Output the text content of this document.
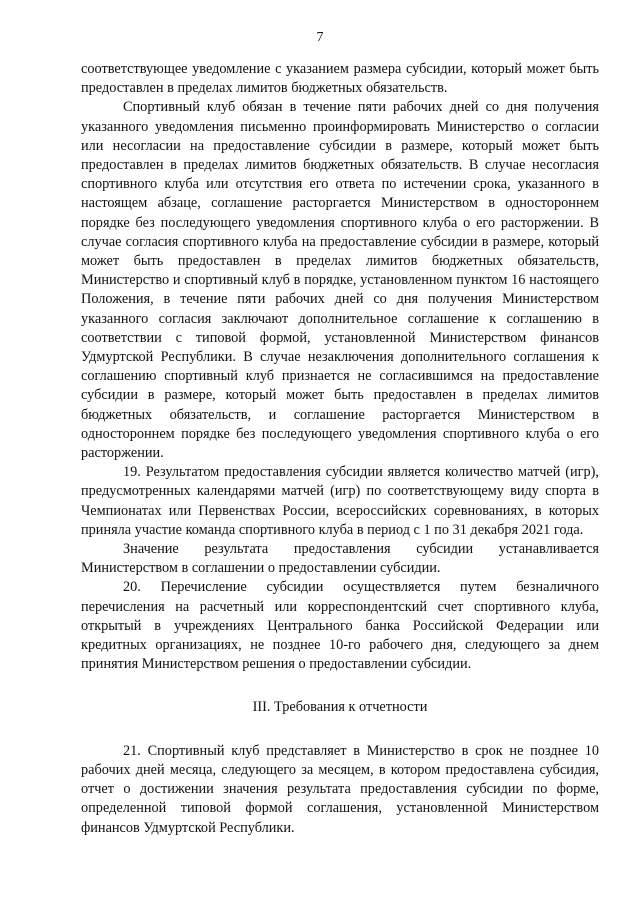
7

соответствующее уведомление с указанием размера субсидии, который может быть предоставлен в пределах лимитов бюджетных обязательств.

Спортивный клуб обязан в течение пяти рабочих дней со дня получения указанного уведомления письменно проинформировать Министерство о согласии или несогласии на предоставление субсидии в размере, который может быть предоставлен в пределах лимитов бюджетных обязательств. В случае несогласия спортивного клуба или отсутствия его ответа по истечении срока, указанного в настоящем абзаце, соглашение расторгается Министерством в одностороннем порядке без последующего уведомления спортивного клуба о его расторжении. В случае согласия спортивного клуба на предоставление субсидии в размере, который может быть предоставлен в пределах лимитов бюджетных обязательств, Министерство и спортивный клуб в порядке, установленном пунктом 16 настоящего Положения, в течение пяти рабочих дней со дня получения Министерством указанного согласия заключают дополнительное соглашение к соглашению в соответствии с типовой формой, установленной Министерством финансов Удмуртской Республики. В случае незаключения дополнительного соглашения к соглашению спортивный клуб признается не согласившимся на предоставление субсидии в размере, который может быть предоставлен в пределах лимитов бюджетных обязательств, и соглашение расторгается Министерством в одностороннем порядке без последующего уведомления спортивного клуба о его расторжении.

19. Результатом предоставления субсидии является количество матчей (игр), предусмотренных календарями матчей (игр) по соответствующему виду спорта в Чемпионатах или Первенствах России, всероссийских соревнованиях, в которых приняла участие команда спортивного клуба в период с 1 по 31 декабря 2021 года.

Значение результата предоставления субсидии устанавливается Министерством в соглашении о предоставлении субсидии.

20. Перечисление субсидии осуществляется путем безналичного перечисления на расчетный или корреспондентский счет спортивного клуба, открытый в учреждениях Центрального банка Российской Федерации или кредитных организациях, не позднее 10-го рабочего дня, следующего за днем принятия Министерством решения о предоставлении субсидии.

III. Требования к отчетности

21. Спортивный клуб представляет в Министерство в срок не позднее 10 рабочих дней месяца, следующего за месяцем, в котором предоставлена субсидия, отчет о достижении значения результата предоставления субсидии по форме, определенной типовой формой соглашения, установленной Министерством финансов Удмуртской Республики.
